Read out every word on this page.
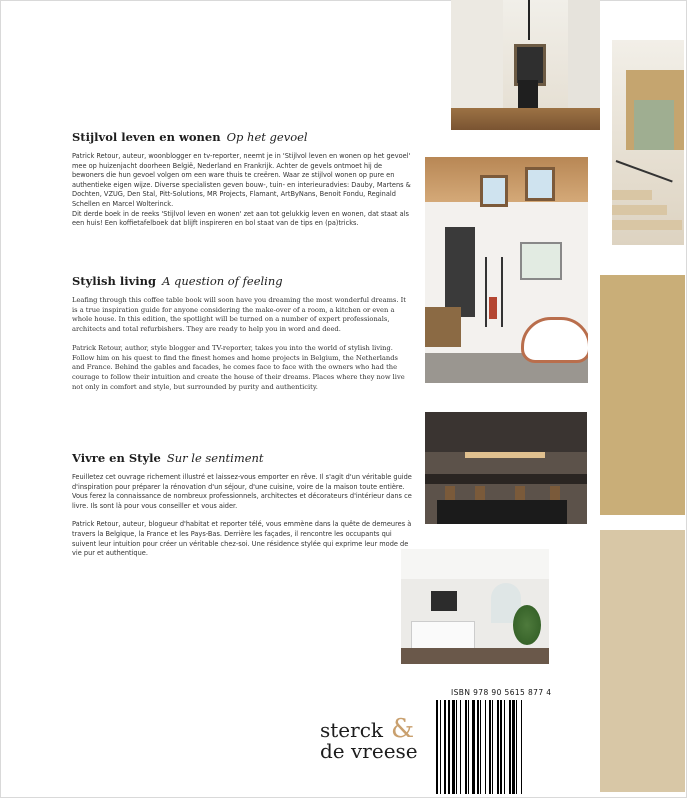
Stijlvol leven en wonen Op het gevoel

Patrick Retour, auteur, woonblogger en tv-reporter, neemt je in 'Stijlvol leven en wonen op het gevoel' mee op huizenjacht doorheen België, Nederland en Frankrijk. Achter de gevels ontmoet hij de bewoners die hun gevoel volgen om een ware thuis te creëren. Waar ze stijlvol wonen op pure en authentieke eigen wijze. Diverse specialisten geven bouw-, tuin- en interieuradvies: Dauby, Martens & Dochten, VZUG, Den Stal, Pitt-Solutions, MR Projects, Flamant, ArtByNans, Benoit Fondu, Reginald Schellen en Marcel Wolterinck.

Dit derde boek in de reeks 'Stijlvol leven en wonen' zet aan tot gelukkig leven en wonen, dat staat als een huis! Een koffietafelboek dat blijft inspireren en bol staat van de tips en (pa)tricks.

Stylish living A question of feeling

Leafing through this coffee table book will soon have you dreaming the most wonderful dreams. It is a true inspiration guide for anyone considering the make-over of a room, a kitchen or even a whole house. In this edition, the spotlight will be turned on a number of expert professionals, architects and total refurbishers. They are ready to help you in word and deed.

Patrick Retour, author, style blogger and TV-reporter, takes you into the world of stylish living. Follow him on his quest to find the finest homes and home projects in Belgium, the Netherlands and France. Behind the gables and facades, he comes face to face with the owners who had the courage to follow their intuition and create the house of their dreams. Places where they now live not only in comfort and style, but surrounded by purity and authenticity.

Vivre en Style Sur le sentiment

Feuilletez cet ouvrage richement illustré et laissez-vous emporter en rêve. Il s'agit d'un véritable guide d'inspiration pour préparer la rénovation d'un séjour, d'une cuisine, voire de la maison toute entière. Vous ferez la connaissance de nombreux professionnels, architectes et décorateurs d'intérieur dans ce livre. Ils sont là pour vous conseiller et vous aider.

Patrick Retour, auteur, blogueur d'habitat et reporter télé, vous emmène dans la quête de demeures à travers la Belgique, la France et les Pays-Bas. Derrière les façades, il rencontre les occupants qui suivent leur intuition pour créer un véritable chez-soi. Une résidence stylée qui exprime leur mode de vie pur et authentique.

ISBN 978 90 5615 877 4
sterck &
de vreese
